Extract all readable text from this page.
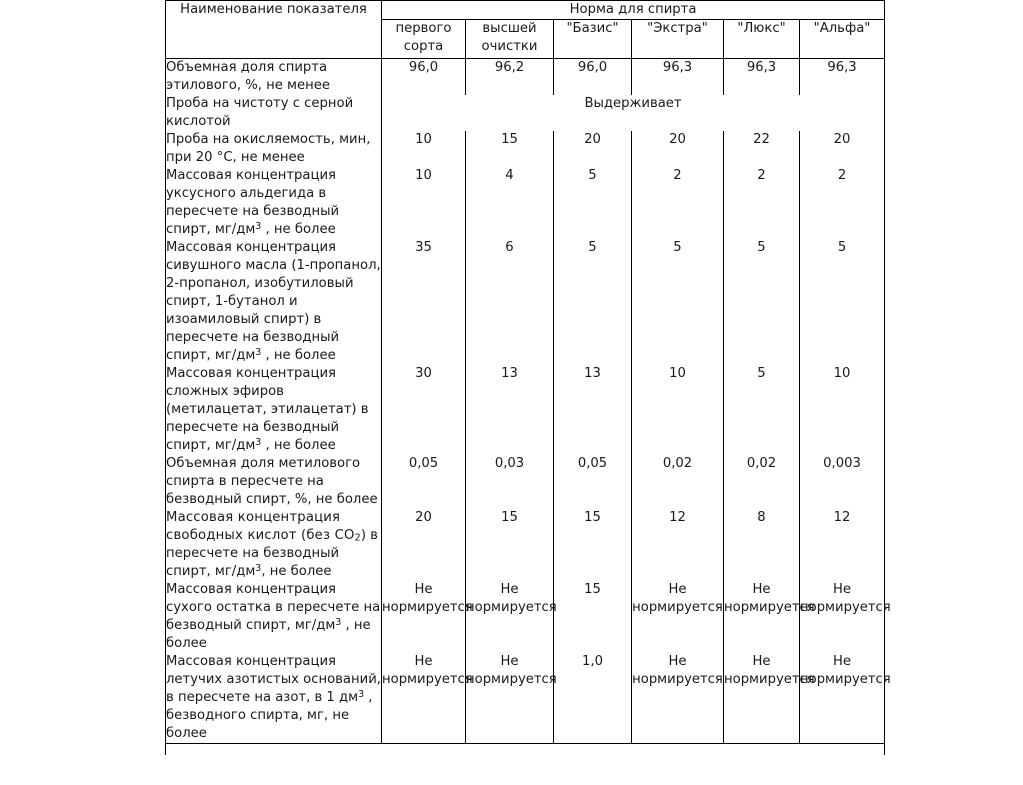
Наименование показателя	Норма для спирта					
	первого сорта	высшей очистки	"Базис"	"Экстра"	"Люкс"	"Альфа"
Объемная доля спирта этилового, %, не менее	96,0	96,2	96,0	96,3	96,3	96,3
Проба на чистоту с серной кислотой	Выдерживает					
Проба на окисляемость, мин, при 20 °C, не менее	10	15	20	20	22	20
Массовая концентрация уксусного альдегида в пересчете на безводный спирт, $мг/дм^3$ , не более	10	4	5	2	2	2
Массовая концентрация сивушного масла (1-пропанол, 2-пропанол, изобутиловый спирт, 1-бутанол и изоамиловый спирт) в пересчете на безводный спирт, $мг/дм^3$ , не более	35	6	5	5	5	5
Массовая концентрация сложных эфиров (метилацетат, этилацетат) в пересчете на безводный спирт, $мг/дм^3$ , не более	30	13	13	10	5	10
Объемная доля метилового спирта в пересчете на безводный спирт, %, не более	0,05	0,03	0,05	0,02	0,02	0,003
Массовая концентрация свободных кислот (без $CO_2$) в пересчете на безводный спирт, $мг/дм^3$, не более	20	15	15	12	8	12
Массовая концентрация сухого остатка в пересчете на безводный спирт, $мг/дм^3$ , не более	Не нормируется	Не нормируется	15	Не нормируется	Не нормируется	Не нормируется
Массовая концентрация летучих азотистых оснований, в пересчете на азот, в 1 $дм^3$ , безводного спирта, мг, не более	Не нормируется	Не нормируется	1,0	Не нормируется	Не нормируется	Не нормируется
